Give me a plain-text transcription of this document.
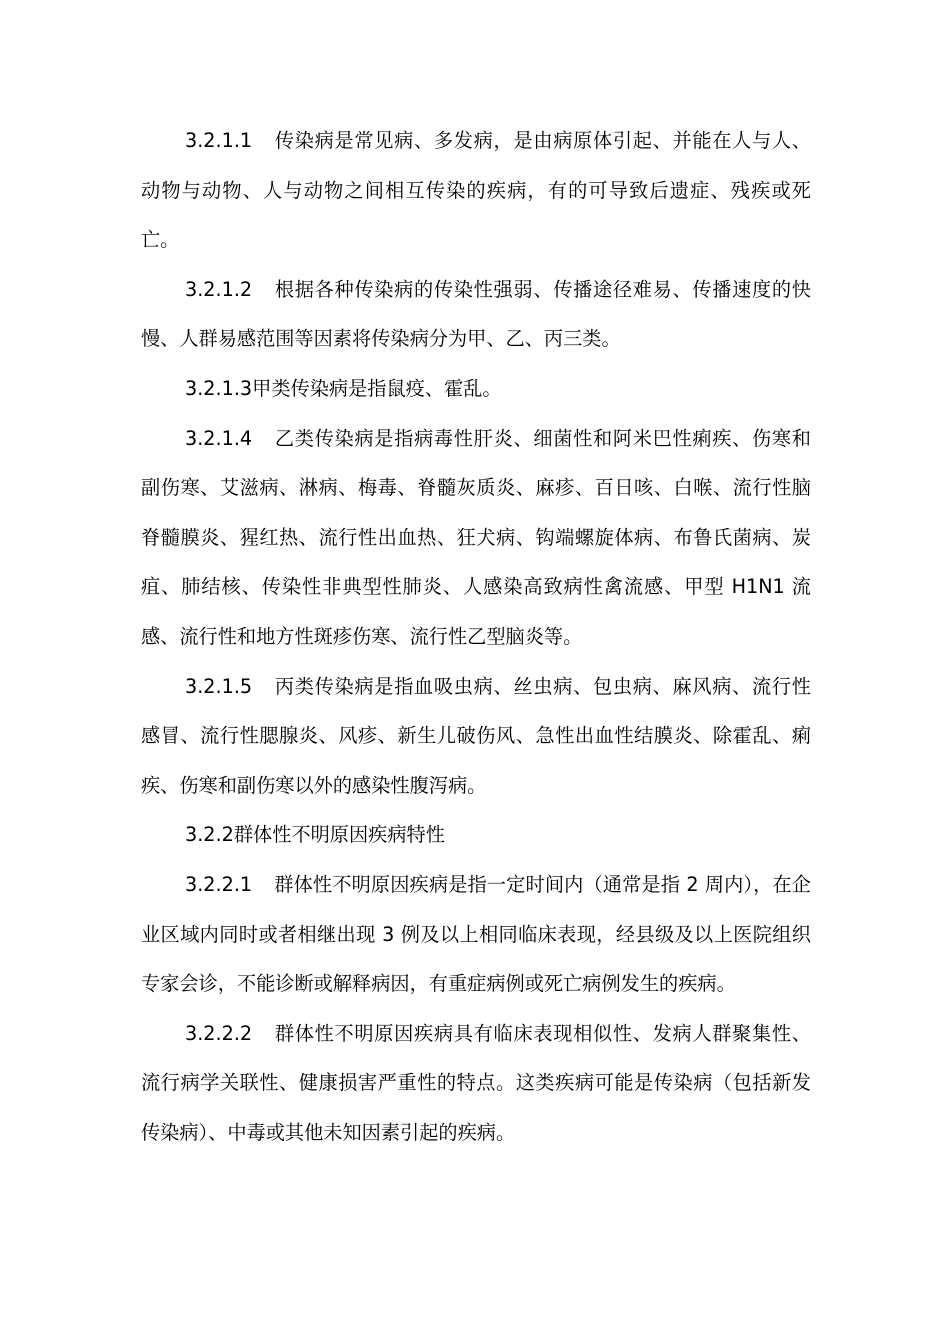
3.2.1.1 传染病是常见病、多发病，是由病原体引起、并能在人与人、动物与动物、人与动物之间相互传染的疾病，有的可导致后遗症、残疾或死亡。

3.2.1.2 根据各种传染病的传染性强弱、传播途径难易、传播速度的快慢、人群易感范围等因素将传染病分为甲、乙、丙三类。

3.2.1.3甲类传染病是指鼠疫、霍乱。

3.2.1.4 乙类传染病是指病毒性肝炎、细菌性和阿米巴性痢疾、伤寒和副伤寒、艾滋病、淋病、梅毒、脊髓灰质炎、麻疹、百日咳、白喉、流行性脑脊髓膜炎、猩红热、流行性出血热、狂犬病、钩端螺旋体病、布鲁氏菌病、炭疽、肺结核、传染性非典型性肺炎、人感染高致病性禽流感、甲型 H1N1 流感、流行性和地方性斑疹伤寒、流行性乙型脑炎等。

3.2.1.5 丙类传染病是指血吸虫病、丝虫病、包虫病、麻风病、流行性感冒、流行性腮腺炎、风疹、新生儿破伤风、急性出血性结膜炎、除霍乱、痢疾、伤寒和副伤寒以外的感染性腹泻病。

3.2.2群体性不明原因疾病特性

3.2.2.1 群体性不明原因疾病是指一定时间内（通常是指 2 周内），在企业区域内同时或者相继出现 3 例及以上相同临床表现，经县级及以上医院组织专家会诊，不能诊断或解释病因，有重症病例或死亡病例发生的疾病。

3.2.2.2 群体性不明原因疾病具有临床表现相似性、发病人群聚集性、流行病学关联性、健康损害严重性的特点。这类疾病可能是传染病（包括新发传染病）、中毒或其他未知因素引起的疾病。
